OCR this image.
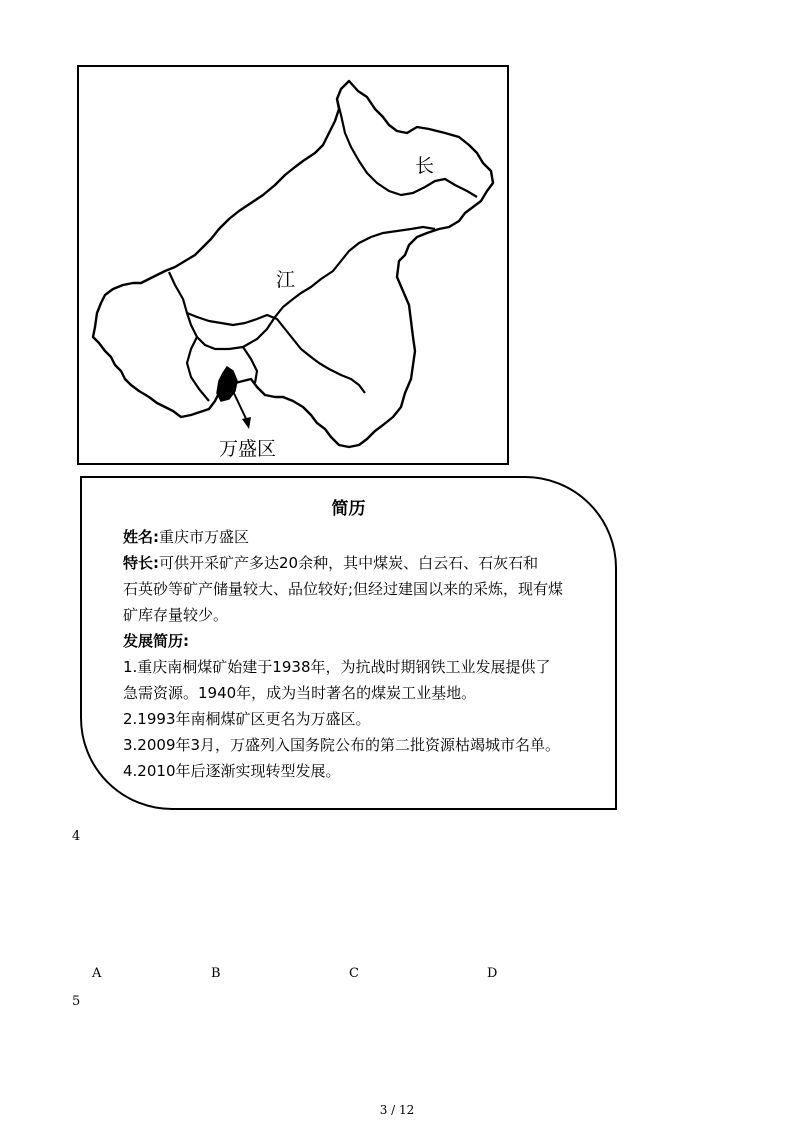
长
江
万盛区
简历
姓名:重庆市万盛区
特长:可供开采矿产多达20余种，其中煤炭、白云石、石灰石和
石英砂等矿产储量较大、品位较好;但经过建国以来的采炼，现有煤
矿库存量较少。
发展简历:
1.重庆南桐煤矿始建于1938年，为抗战时期钢铁工业发展提供了
急需资源。1940年，成为当时著名的煤炭工业基地。
2.1993年南桐煤矿区更名为万盛区。
3.2009年3月，万盛列入国务院公布的第二批资源枯竭城市名单。
4.2010年后逐渐实现转型发展。
4
A	B	C	D
5
3 / 12
